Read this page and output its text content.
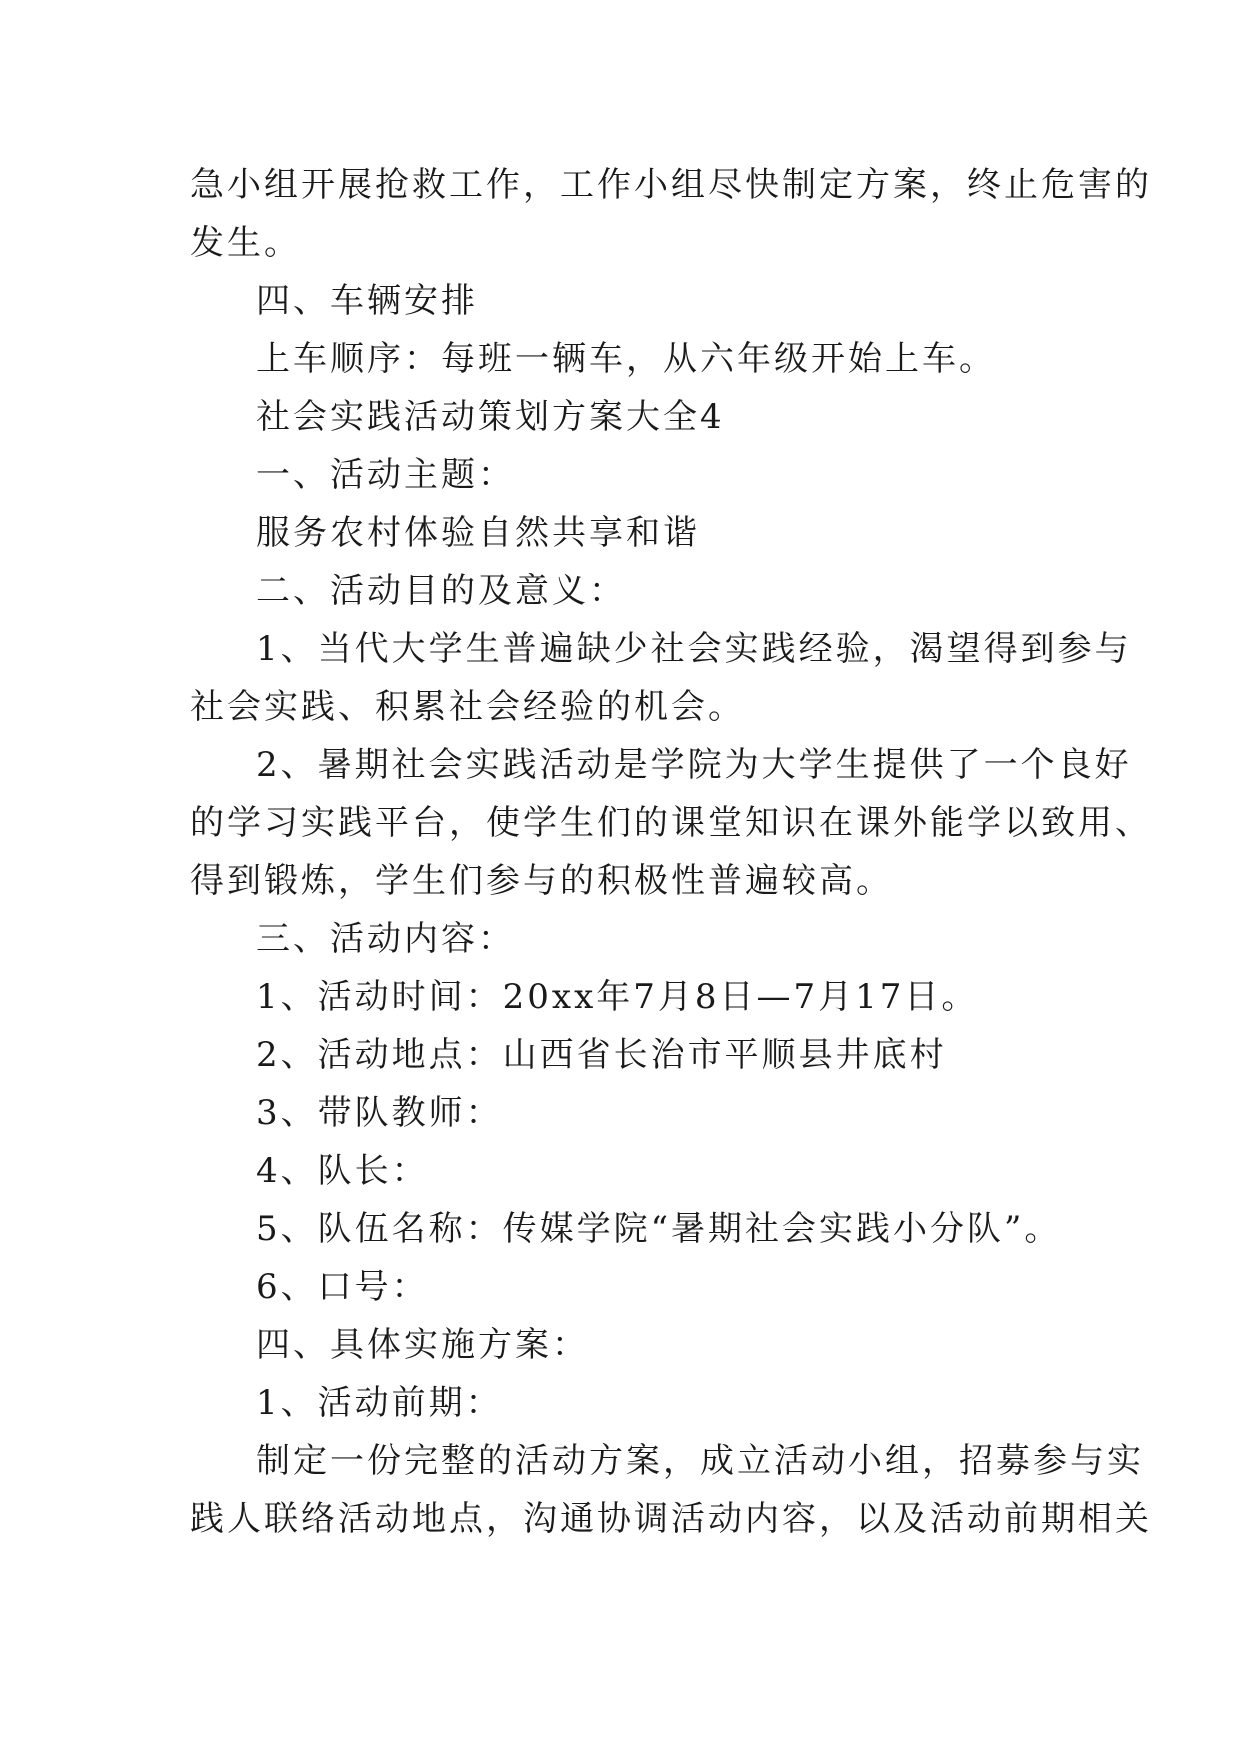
急小组开展抢救工作，工作小组尽快制定方案，终止危害的

发生。

四、车辆安排

上车顺序：每班一辆车，从六年级开始上车。

社会实践活动策划方案大全4

一、活动主题：

服务农村体验自然共享和谐

二、活动目的及意义：

1、当代大学生普遍缺少社会实践经验，渴望得到参与

社会实践、积累社会经验的机会。

2、暑期社会实践活动是学院为大学生提供了一个良好

的学习实践平台，使学生们的课堂知识在课外能学以致用、

得到锻炼，学生们参与的积极性普遍较高。

三、活动内容：

1、活动时间：20xx年7月8日—7月17日。

2、活动地点：山西省长治市平顺县井底村

3、带队教师：

4、队长：

5、队伍名称：传媒学院“暑期社会实践小分队”。

6、口号：

四、具体实施方案：

1、活动前期：

制定一份完整的活动方案，成立活动小组，招募参与实

践人联络活动地点，沟通协调活动内容，以及活动前期相关
